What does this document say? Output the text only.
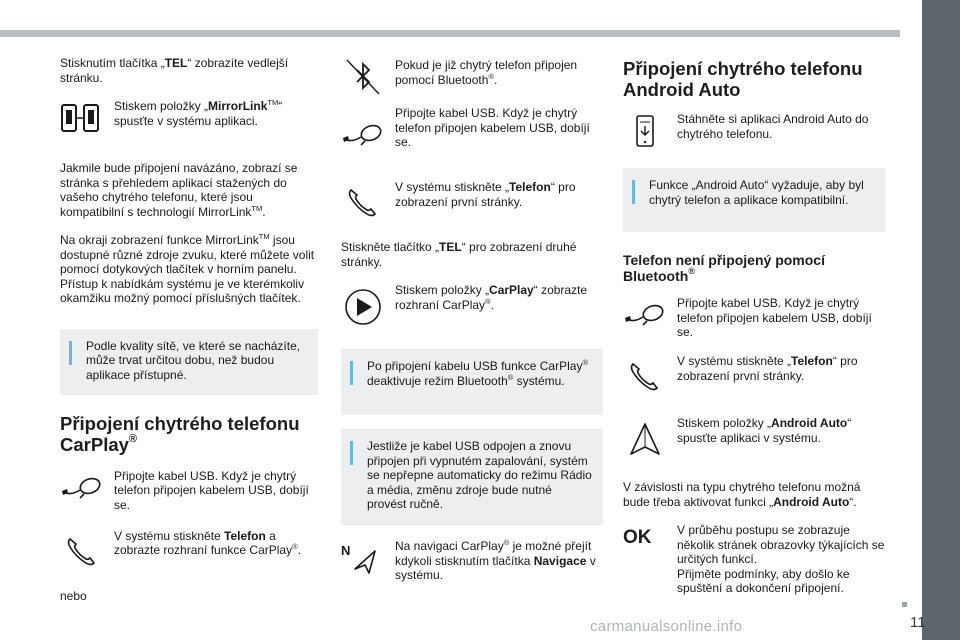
11
carmanualsonline.info

Stisknutím tlačítka „TEL“ zobrazíte vedlejší stránku.

Stiskem položky „MirrorLink™“ spusťte v systému aplikaci.

Jakmile bude připojení navázáno, zobrazí se stránka s přehledem aplikací stažených do vašeho chytrého telefonu, které jsou kompatibilní s technologií MirrorLink™.

Na okraji zobrazení funkce MirrorLink™ jsou dostupné různé zdroje zvuku, které můžete volit pomocí dotykových tlačítek v horním panelu.
Přístup k nabídkám systému je ve kterémkoliv okamžiku možný pomocí příslušných tlačítek.

Podle kvality sítě, ve které se nacházíte, může trvat určitou dobu, než budou aplikace přístupné.

Připojení chytrého telefonu CarPlay®

Připojte kabel USB. Když je chytrý telefon připojen kabelem USB, dobíjí se.

V systému stiskněte Telefon a zobrazte rozhraní funkce CarPlay®.

nebo

Pokud je již chytrý telefon připojen pomocí Bluetooth®.

Připojte kabel USB. Když je chytrý telefon připojen kabelem USB, dobíjí se.

V systému stiskněte „Telefon“ pro zobrazení první stránky.

Stiskněte tlačítko „TEL“ pro zobrazení druhé stránky.

Stiskem položky „CarPlay“ zobrazte rozhraní CarPlay®.

Po připojení kabelu USB funkce CarPlay® deaktivuje režim Bluetooth® systému.

Jestliže je kabel USB odpojen a znovu připojen při vypnutém zapalování, systém se nepřepne automaticky do režimu Rádio a média, změnu zdroje bude nutné provést ručně.

N	Na navigaci CarPlay® je možné přejít kdykoli stisknutím tlačítka Navigace v systému.

Připojení chytrého telefonu Android Auto

Stáhněte si aplikaci Android Auto do chytrého telefonu.

Funkce „Android Auto“ vyžaduje, aby byl chytrý telefon a aplikace kompatibilní.

Telefon není připojený pomocí Bluetooth®

Připojte kabel USB. Když je chytrý telefon připojen kabelem USB, dobíjí se.

V systému stiskněte „Telefon“ pro zobrazení první stránky.

Stiskem položky „Android Auto“ spusťte aplikaci v systému.

V závislosti na typu chytrého telefonu možná bude třeba aktivovat funkci „Android Auto“.

OK	V průběhu postupu se zobrazuje několik stránek obrazovky týkajících se určitých funkcí.
Přijměte podmínky, aby došlo ke spuštění a dokončení připojení.
